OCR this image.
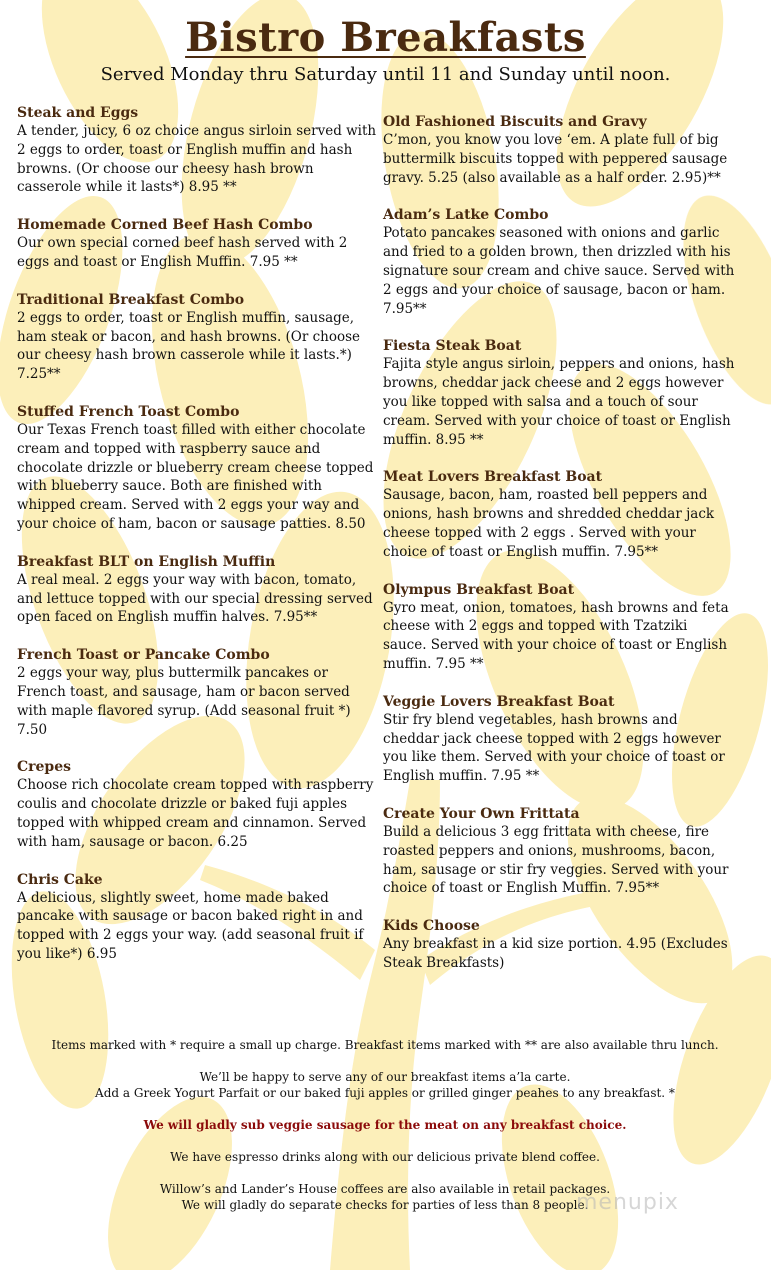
Bistro Breakfasts
Served Monday thru Saturday until 11 and Sunday until noon.
Steak and Eggs
A tender, juicy, 6 oz choice angus sirloin served with 2 eggs to order, toast or English muffin and hash browns. (Or choose our cheesy hash brown casserole while it lasts*) 8.95 **
Homemade Corned Beef Hash Combo
Our own special corned beef hash served with 2 eggs and toast or English Muffin. 7.95 **
Traditional Breakfast Combo
2 eggs to order, toast or English muffin, sausage, ham steak or bacon, and hash browns. (Or choose our cheesy hash brown casserole while it lasts.*) 7.25**
Stuffed French Toast Combo
Our Texas French toast filled with either chocolate cream and topped with raspberry sauce and chocolate drizzle or blueberry cream cheese topped with blueberry sauce. Both are finished with whipped cream. Served with 2 eggs your way and your choice of ham, bacon or sausage patties. 8.50
Breakfast BLT on English Muffin
A real meal. 2 eggs your way with bacon, tomato, and lettuce topped with our special dressing served open faced on English muffin halves. 7.95**
French Toast or Pancake Combo
2 eggs your way, plus buttermilk pancakes or French toast, and sausage, ham or bacon served with maple flavored syrup. (Add seasonal fruit *) 7.50
Crepes
Choose rich chocolate cream topped with raspberry coulis and chocolate drizzle or baked fuji apples topped with whipped cream and cinnamon. Served with ham, sausage or bacon. 6.25
Chris Cake
A delicious, slightly sweet, home made baked pancake with sausage or bacon baked right in and topped with 2 eggs your way. (add seasonal fruit if you like*) 6.95
Old Fashioned Biscuits and Gravy
C’mon, you know you love ‘em. A plate full of big buttermilk biscuits topped with peppered sausage gravy. 5.25 (also available as a half order. 2.95)**
Adam’s Latke Combo
Potato pancakes seasoned with onions and garlic and fried to a golden brown, then drizzled with his signature sour cream and chive sauce. Served with 2 eggs and your choice of sausage, bacon or ham. 7.95**
Fiesta Steak Boat
Fajita style angus sirloin, peppers and onions, hash browns, cheddar jack cheese and 2 eggs however you like topped with salsa and a touch of sour cream. Served with your choice of toast or English muffin. 8.95 **
Meat Lovers Breakfast Boat
Sausage, bacon, ham, roasted bell peppers and onions, hash browns and shredded cheddar jack cheese topped with 2 eggs . Served with your choice of toast or English muffin. 7.95**
Olympus Breakfast Boat
Gyro meat, onion, tomatoes, hash browns and feta cheese with 2 eggs and topped with Tzatziki sauce. Served with your choice of toast or English muffin. 7.95 **
Veggie Lovers Breakfast Boat
Stir fry blend vegetables, hash browns and cheddar jack cheese topped with 2 eggs however you like them. Served with your choice of toast or English muffin. 7.95 **
Create Your Own Frittata
Build a delicious 3 egg frittata with cheese, fire roasted peppers and onions, mushrooms, bacon, ham, sausage or stir fry veggies. Served with your choice of toast or English Muffin. 7.95**
Kids Choose
Any breakfast in a kid size portion. 4.95 (Excludes Steak Breakfasts)

Items marked with * require a small up charge. Breakfast items marked with ** are also available thru lunch.

We’ll be happy to serve any of our breakfast items a’la carte.
Add a Greek Yogurt Parfait or our baked fuji apples or grilled ginger peahes to any breakfast. *

We will gladly sub veggie sausage for the meat on any breakfast choice.

We have espresso drinks along with our delicious private blend coffee.

Willow’s and Lander’s House coffees are also available in retail packages.
We will gladly do separate checks for parties of less than 8 people.

menupix
